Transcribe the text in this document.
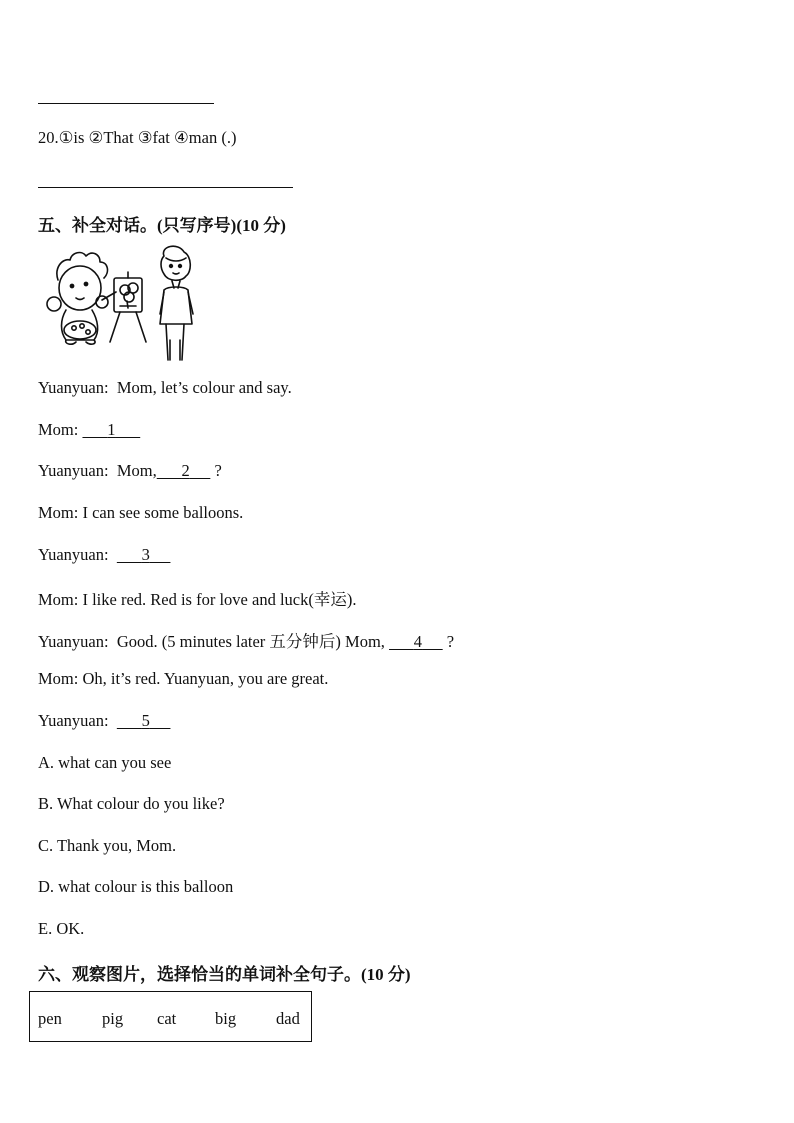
20.①is ②That ③fat ④man (.)
五、补全对话。(只写序号)(10 分)
Yuanyuan: Mom, let’s colour and say.
Mom: 1
Yuanyuan: Mom, 2      ?
Mom: I can see some balloons.
Yuanyuan: 3
Mom: I like red. Red is for love and luck(幸运).
Yuanyuan: Good. (5 minutes later 五分钟后) Mom, 4      ?
Mom: Oh, it’s red. Yuanyuan, you are great.
Yuanyuan: 5
A. what can you see
B. What colour do you like?
C. Thank you, Mom.
D. what colour is this balloon
E. OK.
六、观察图片，选择恰当的单词补全句子。(10 分)
pen pig cat big dad
